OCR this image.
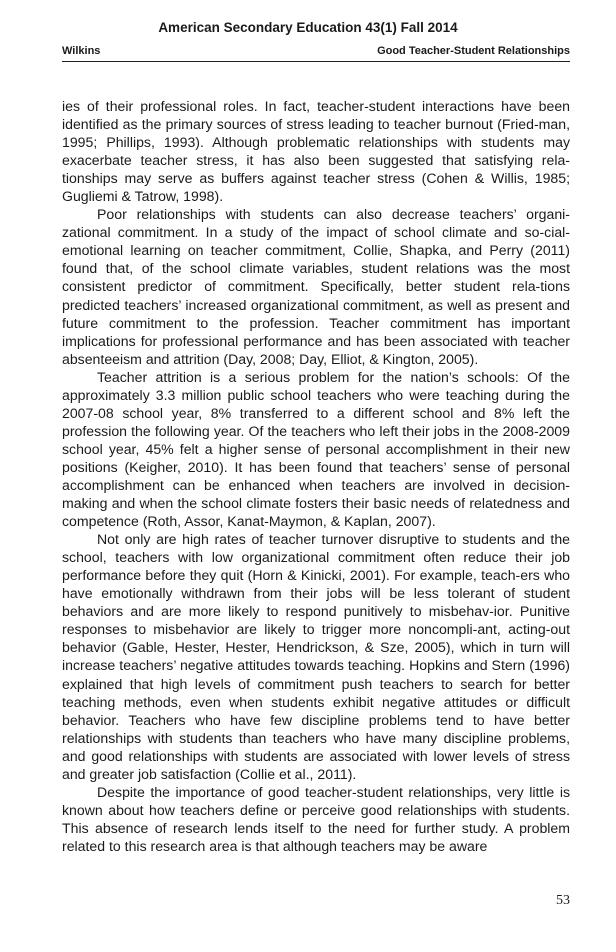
American Secondary Education 43(1) Fall 2014
Wilkins	Good Teacher-Student Relationships

ies of their professional roles. In fact, teacher-student interactions have been identified as the primary sources of stress leading to teacher burnout (Fried-man, 1995; Phillips, 1993). Although problematic relationships with students may exacerbate teacher stress, it has also been suggested that satisfying rela-tionships may serve as buffers against teacher stress (Cohen & Willis, 1985; Gugliemi & Tatrow, 1998).

Poor relationships with students can also decrease teachers’ organi-zational commitment. In a study of the impact of school climate and so-cial-emotional learning on teacher commitment, Collie, Shapka, and Perry (2011) found that, of the school climate variables, student relations was the most consistent predictor of commitment. Specifically, better student rela-tions predicted teachers’ increased organizational commitment, as well as present and future commitment to the profession. Teacher commitment has important implications for professional performance and has been associated with teacher absenteeism and attrition (Day, 2008; Day, Elliot, & Kington, 2005).

Teacher attrition is a serious problem for the nation’s schools: Of the approximately 3.3 million public school teachers who were teaching during the 2007-08 school year, 8% transferred to a different school and 8% left the profession the following year. Of the teachers who left their jobs in the 2008-2009 school year, 45% felt a higher sense of personal accomplishment in their new positions (Keigher, 2010). It has been found that teachers’ sense of personal accomplishment can be enhanced when teachers are involved in decision-making and when the school climate fosters their basic needs of relatedness and competence (Roth, Assor, Kanat-Maymon, & Kaplan, 2007).

Not only are high rates of teacher turnover disruptive to students and the school, teachers with low organizational commitment often reduce their job performance before they quit (Horn & Kinicki, 2001). For example, teach-ers who have emotionally withdrawn from their jobs will be less tolerant of student behaviors and are more likely to respond punitively to misbehav-ior. Punitive responses to misbehavior are likely to trigger more noncompli-ant, acting-out behavior (Gable, Hester, Hester, Hendrickson, & Sze, 2005), which in turn will increase teachers’ negative attitudes towards teaching. Hopkins and Stern (1996) explained that high levels of commitment push teachers to search for better teaching methods, even when students exhibit negative attitudes or difficult behavior. Teachers who have few discipline problems tend to have better relationships with students than teachers who have many discipline problems, and good relationships with students are associated with lower levels of stress and greater job satisfaction (Collie et al., 2011).

Despite the importance of good teacher-student relationships, very little is known about how teachers define or perceive good relationships with students. This absence of research lends itself to the need for further study. A problem related to this research area is that although teachers may be aware

53
